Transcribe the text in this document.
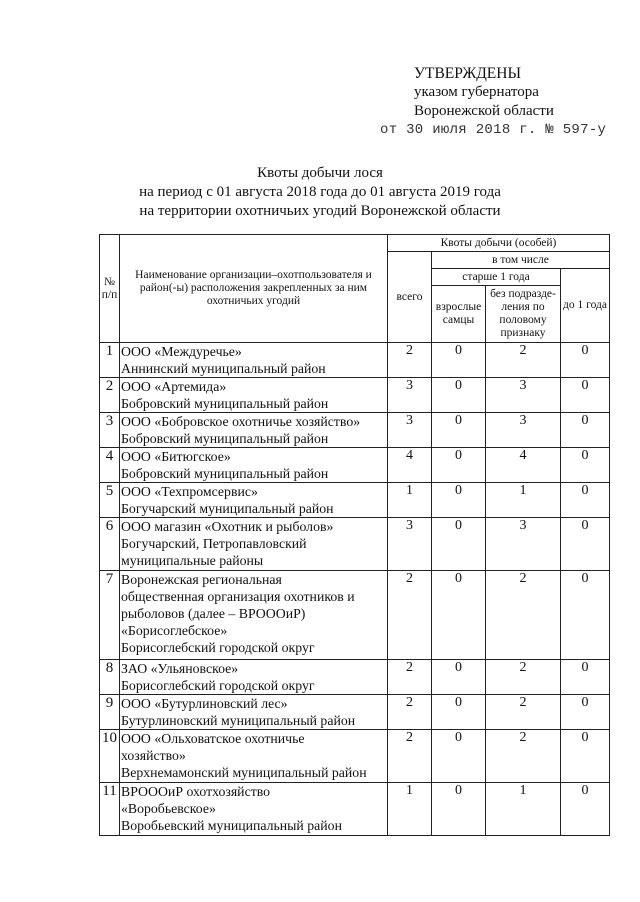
УТВЕРЖДЕНЫ
указом губернатора
Воронежской области
от 30 июля 2018 г. № 597-у
Квоты добычи лося
на период с 01 августа 2018 года до 01 августа 2019 года
на территории охотничьих угодий Воронежской области
№ п/п	Наименование организации–охотпользователя и район(-ы) расположения закрепленных за ним охотничьих угодий	Квоты добычи (особей)			
		всего	в том числе		
			старше 1 года		до 1 года
			взрослые самцы	без подразде-ления по половому признаку	
1	ООО «Междуречье»
Аннинский муниципальный район	2	0	2	0
2	ООО «Артемида»
Бобровский муниципальный район	3	0	3	0
3	ООО «Бобровское охотничье хозяйство»
Бобровский муниципальный район	3	0	3	0
4	ООО «Битюгское»
Бобровский муниципальный район	4	0	4	0
5	ООО «Техпромсервис»
Богучарский муниципальный район	1	0	1	0
6	ООО магазин «Охотник и рыболов»
Богучарский, Петропавловский
муниципальные районы	3	0	3	0
7	Воронежская региональная
общественная организация охотников и
рыболовов (далее – ВРОООиР)
«Борисоглебское»
Борисоглебский городской округ	2	0	2	0
8	ЗАО «Ульяновское»
Борисоглебский городской округ	2	0	2	0
9	ООО «Бутурлиновский лес»
Бутурлиновский муниципальный район	2	0	2	0
10	ООО «Ольховатское охотничье
хозяйство»
Верхнемамонский муниципальный район	2	0	2	0
11	ВРОООиР охотхозяйство
«Воробьевское»
Воробьевский муниципальный район	1	0	1	0
